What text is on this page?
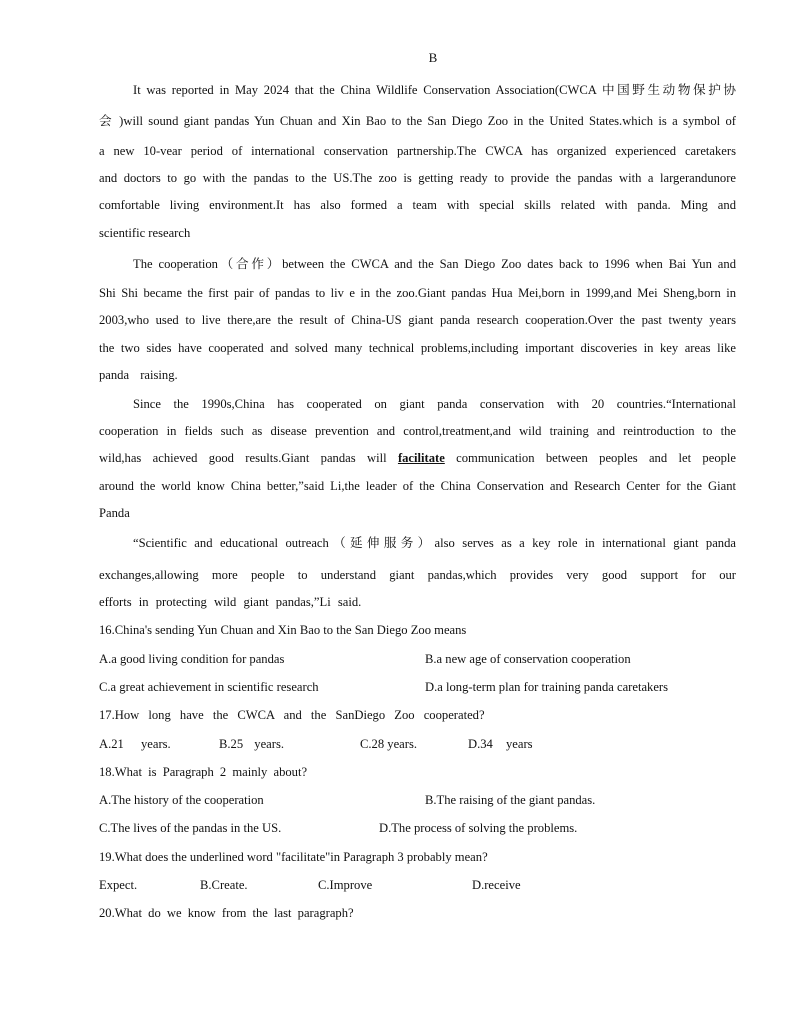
B
It was reported in May 2024 that the China Wildlife Conservation Association(CWCA 中国野生动物保护协
会 )will sound giant pandas Yun Chuan and Xin Bao to the San Diego Zoo in the United States.which is a symbol of
a new 10-vear period of international conservation partnership.The CWCA has organized experienced caretakers
and doctors to go with the pandas to the US.The zoo is getting ready to provide the pandas with a largerandunore
comfortable living environment.It has also formed a team with special skills related with panda. Ming and
scientific research
The cooperation（合作）between the CWCA and the San Diego Zoo dates back to 1996 when Bai Yun and
Shi Shi became the first pair of pandas to liv e in the zoo.Giant pandas Hua Mei,born in 1999,and Mei Sheng,born in
2003,who used to live there,are the result of China-US giant panda research cooperation.Over the past twenty years
the two sides have cooperated and solved many technical problems,including important discoveries in key areas like
panda raising.
Since the 1990s,China has cooperated on giant panda conservation with 20 countries.“International
cooperation in fields such as disease prevention and control,treatment,and wild training and reintroduction to the
wild,has achieved good results.Giant pandas will facilitate communication between peoples and let people
around the world know China better,”said Li,the leader of the China Conservation and Research Center for the Giant
Panda
“Scientific and educational outreach（延伸服务）also serves as a key role in international giant panda
exchanges,allowing more people to understand giant pandas,which provides very good support for our
efforts in protecting wild giant pandas,”Li said.
16.China's sending Yun Chuan and Xin Bao to the San Diego Zoo means
A.a good living condition for pandas	B.a new age of conservation cooperation
C.a great achievement in scientific research	D.a long-term plan for training panda caretakers
17.How long have the CWCA and the SanDiego Zoo cooperated?
A.21 years.	B.25 years.	C.28 years.	D.34 years
18.What is Paragraph 2 mainly about?
A.The history of the cooperation	B.The raising of the giant pandas.
C.The lives of the pandas in the US.	D.The process of solving the problems.
19.What does the underlined word "facilitate"in Paragraph 3 probably mean?
Expect.	B.Create.	C.Improve	D.receive
20.What do we know from the last paragraph?
